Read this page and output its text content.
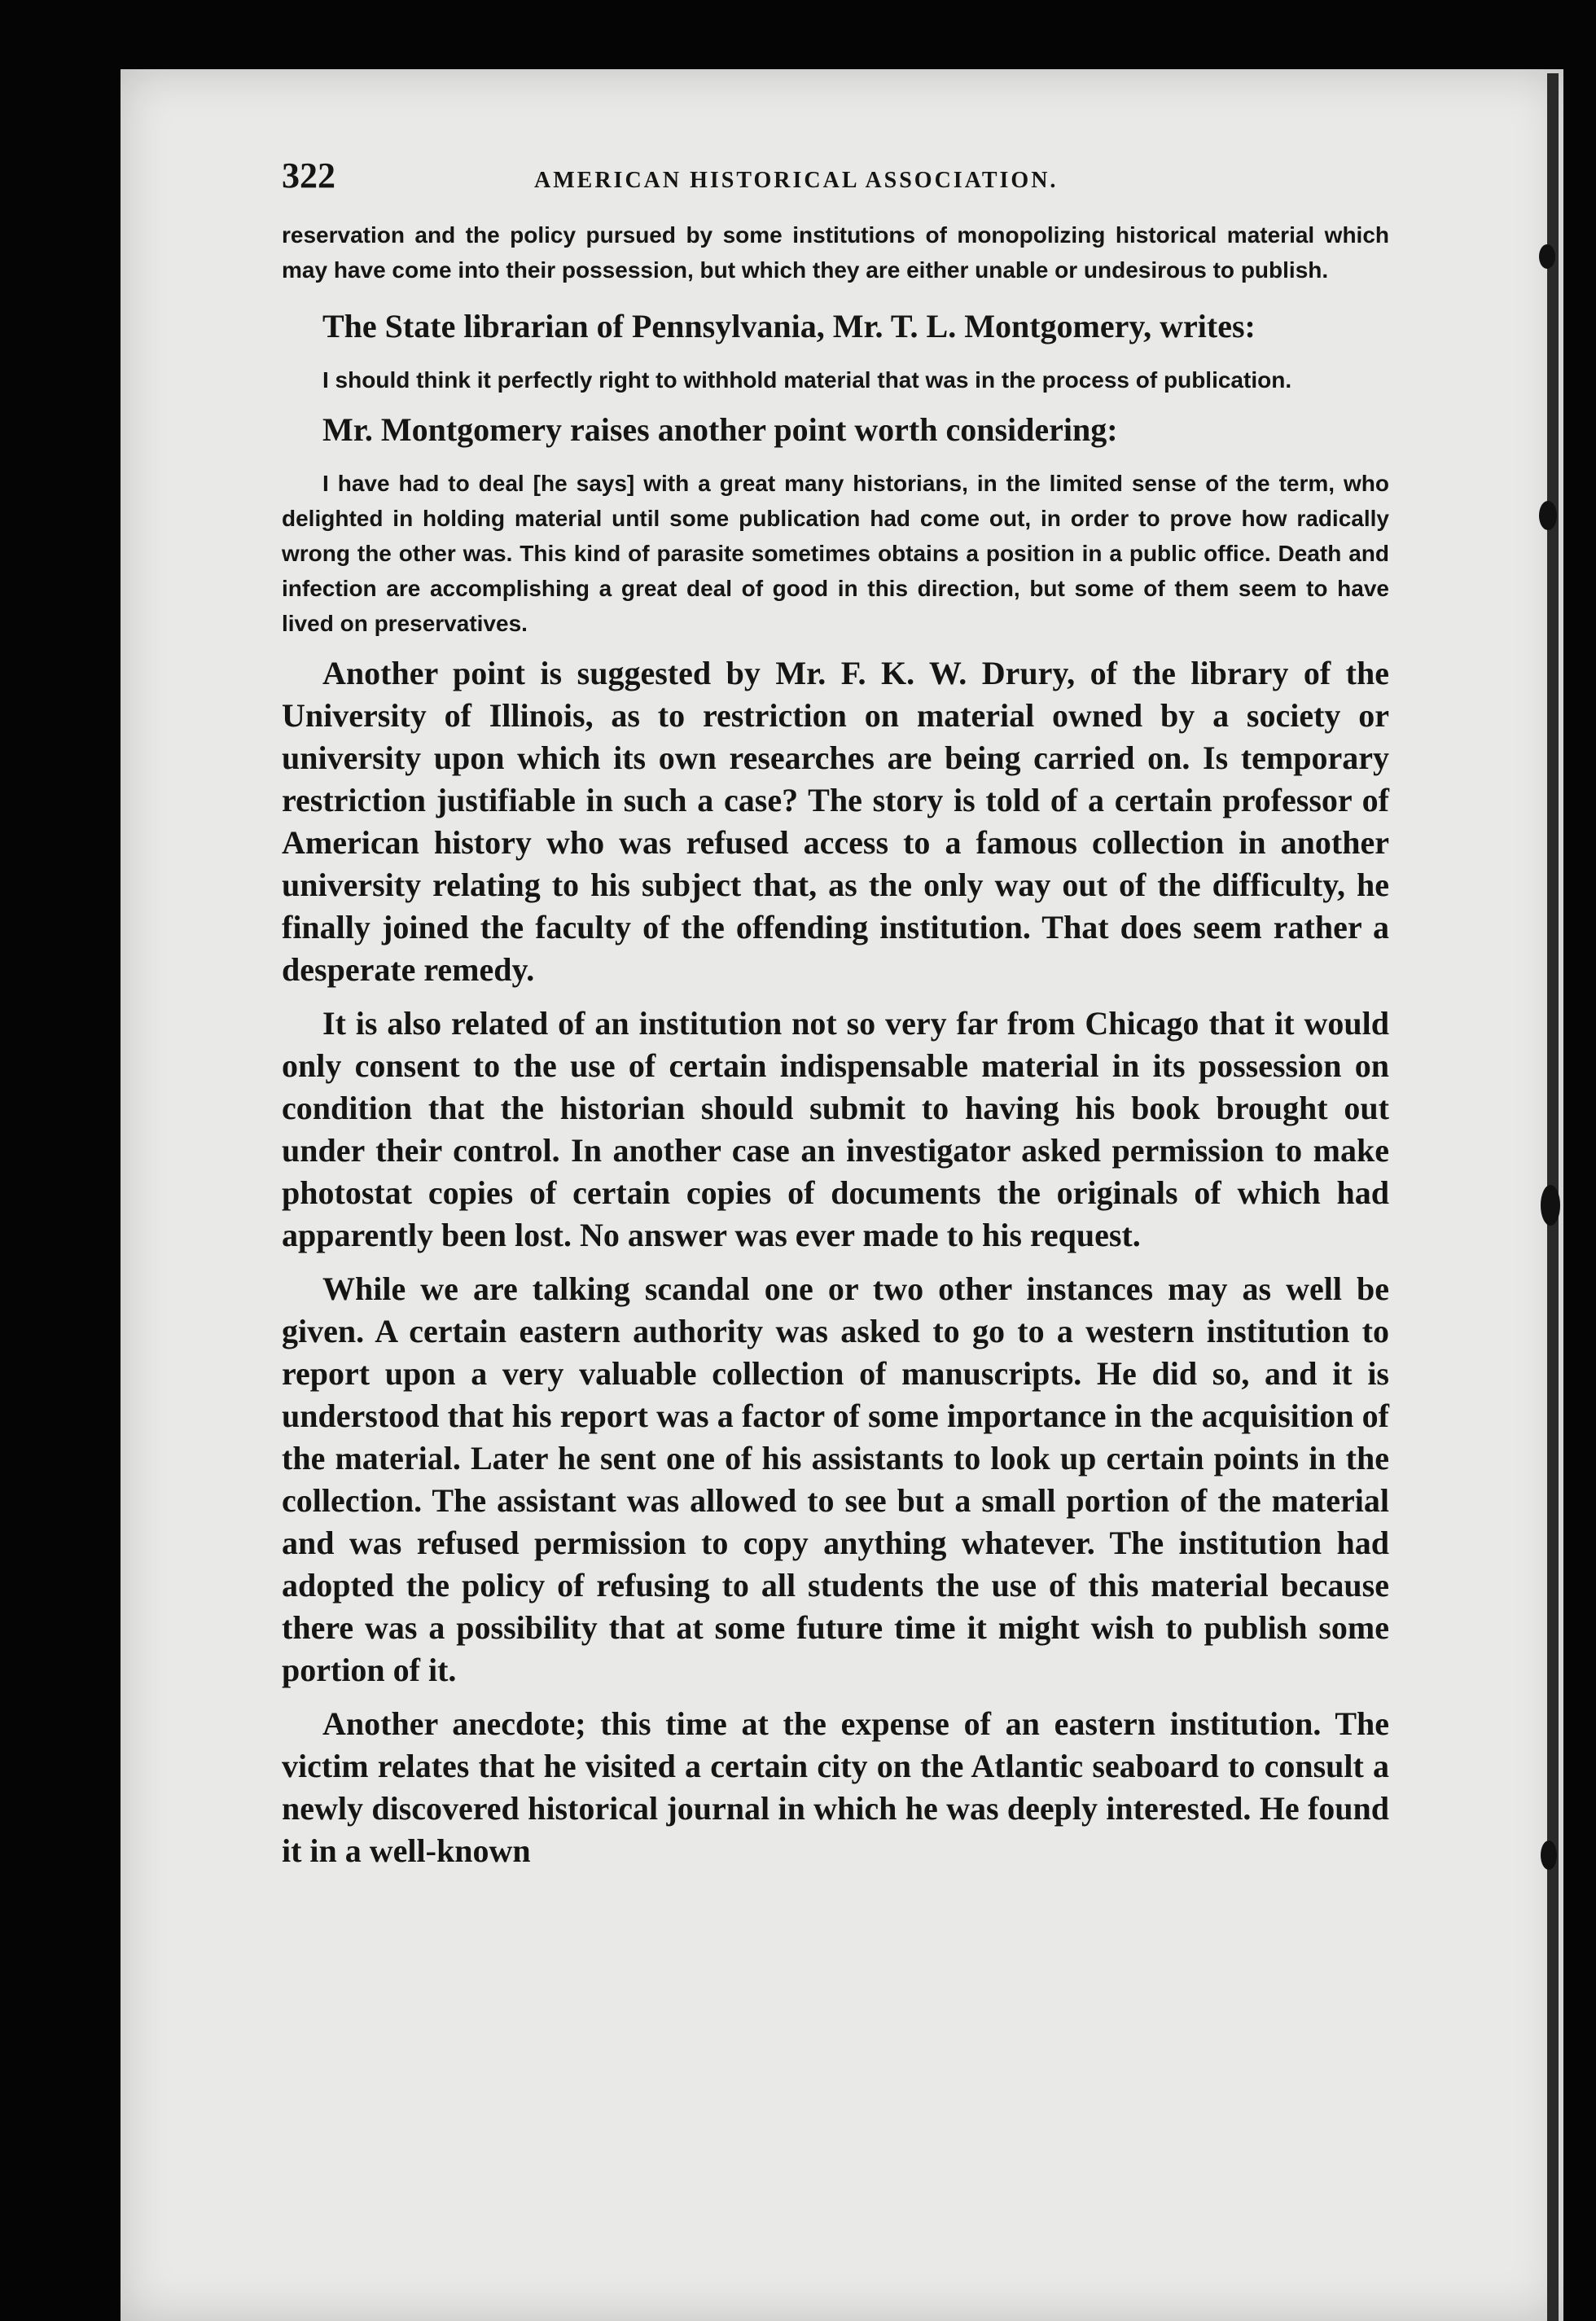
322	AMERICAN HISTORICAL ASSOCIATION.

reservation and the policy pursued by some institutions of monopolizing historical material which may have come into their possession, but which they are either unable or undesirous to publish.

The State librarian of Pennsylvania, Mr. T. L. Montgomery, writes:

I should think it perfectly right to withhold material that was in the process of publication.

Mr. Montgomery raises another point worth considering:

I have had to deal [he says] with a great many historians, in the limited sense of the term, who delighted in holding material until some publication had come out, in order to prove how radically wrong the other was. This kind of parasite sometimes obtains a position in a public office. Death and infection are accomplishing a great deal of good in this direction, but some of them seem to have lived on preservatives.

Another point is suggested by Mr. F. K. W. Drury, of the library of the University of Illinois, as to restriction on material owned by a society or university upon which its own researches are being carried on. Is temporary restriction justifiable in such a case? The story is told of a certain professor of American history who was refused access to a famous collection in another university relating to his subject that, as the only way out of the difficulty, he finally joined the faculty of the offending institution. That does seem rather a desperate remedy.

It is also related of an institution not so very far from Chicago that it would only consent to the use of certain indispensable material in its possession on condition that the historian should submit to having his book brought out under their control. In another case an investigator asked permission to make photostat copies of certain copies of documents the originals of which had apparently been lost. No answer was ever made to his request.

While we are talking scandal one or two other instances may as well be given. A certain eastern authority was asked to go to a western institution to report upon a very valuable collection of manuscripts. He did so, and it is understood that his report was a factor of some importance in the acquisition of the material. Later he sent one of his assistants to look up certain points in the collection. The assistant was allowed to see but a small portion of the material and was refused permission to copy anything whatever. The institution had adopted the policy of refusing to all students the use of this material because there was a possibility that at some future time it might wish to publish some portion of it.

Another anecdote; this time at the expense of an eastern institution. The victim relates that he visited a certain city on the Atlantic seaboard to consult a newly discovered historical journal in which he was deeply interested. He found it in a well-known
